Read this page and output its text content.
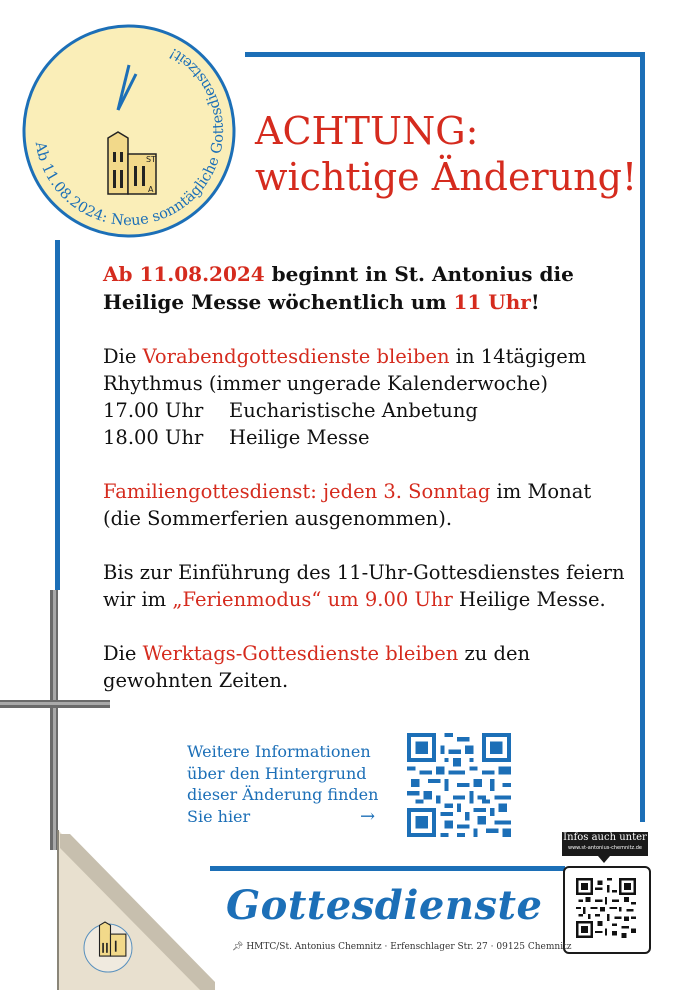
Ab 11.08.2024: Neue sonntägliche Gottesdienstzeit!
ST
A
ACHTUNG:
wichtige Änderung!

Ab 11.08.2024 beginnt in St. Antonius die Heilige Messe wöchentlich um 11 Uhr!

Die Vorabendgottesdienste bleiben in 14tägigem Rhythmus (immer ungerade Kalenderwoche)

17.00 Uhr	Eucharistische Anbetung
18.00 Uhr	Heilige Messe

Familiengottesdienst: jeden 3. Sonntag im Monat (die Sommerferien ausgenommen).

Bis zur Einführung des 11-Uhr-Gottesdienstes feiern wir im „Ferienmodus“ um 9.00 Uhr Heilige Messe.

Die Werktags-Gottesdienste bleiben zu den gewohnten Zeiten.

Weitere Informationen über den Hintergrund dieser Änderung finden Sie hier	→
Infos auch unter
www.st-antonius-chemnitz.de
Gottesdienste
📌︎ HMTC/St. Antonius Chemnitz · Erfenschlager Str. 27 · 09125 Chemnitz
